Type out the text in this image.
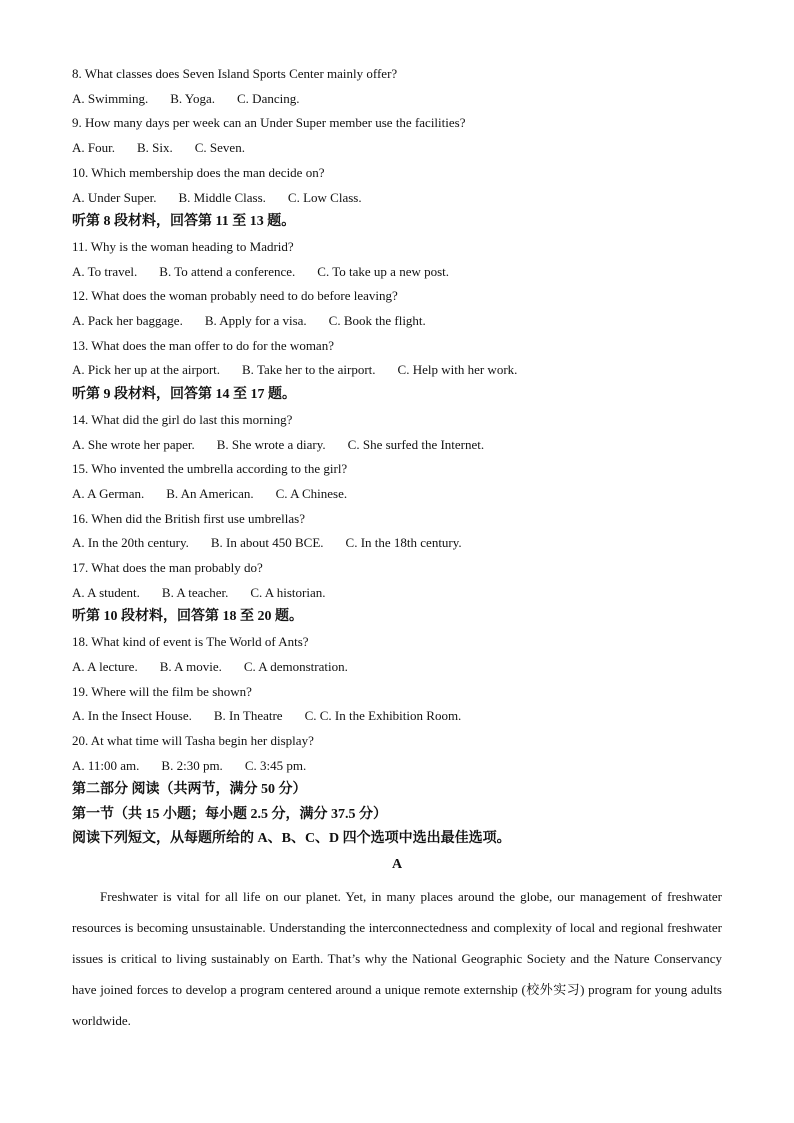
8. What classes does Seven Island Sports Center mainly offer?
A. Swimming. B. Yoga. C. Dancing.
9. How many days per week can an Under Super member use the facilities?
A. Four. B. Six. C. Seven.
10. Which membership does the man decide on?
A. Under Super. B. Middle Class. C. Low Class.
听第 8 段材料，回答第 11 至 13 题。
11. Why is the woman heading to Madrid?
A. To travel. B. To attend a conference. C. To take up a new post.
12. What does the woman probably need to do before leaving?
A. Pack her baggage. B. Apply for a visa. C. Book the flight.
13. What does the man offer to do for the woman?
A. Pick her up at the airport. B. Take her to the airport. C. Help with her work.
听第 9 段材料，回答第 14 至 17 题。
14. What did the girl do last this morning?
A. She wrote her paper. B. She wrote a diary. C. She surfed the Internet.
15. Who invented the umbrella according to the girl?
A. A German. B. An American. C. A Chinese.
16. When did the British first use umbrellas?
A. In the 20th century. B. In about 450 BCE. C. In the 18th century.
17. What does the man probably do?
A. A student. B. A teacher. C. A historian.
听第 10 段材料，回答第 18 至 20 题。
18. What kind of event is The World of Ants?
A. A lecture. B. A movie. C. A demonstration.
19. Where will the film be shown?
A. In the Insect House. B. In Theatre C. C. In the Exhibition Room.
20. At what time will Tasha begin her display?
A. 11:00 am. B. 2:30 pm. C. 3:45 pm.
第二部分 阅读（共两节，满分 50 分）
第一节（共 15 小题；每小题 2.5 分，满分 37.5 分）
阅读下列短文，从每题所给的 A、B、C、D 四个选项中选出最佳选项。
A
Freshwater is vital for all life on our planet. Yet, in many places around the globe, our management of freshwater resources is becoming unsustainable. Understanding the interconnectedness and complexity of local and regional freshwater issues is critical to living sustainably on Earth. That’s why the National Geographic Society and the Nature Conservancy have joined forces to develop a program centered around a unique remote externship (校外实习) program for young adults worldwide.
